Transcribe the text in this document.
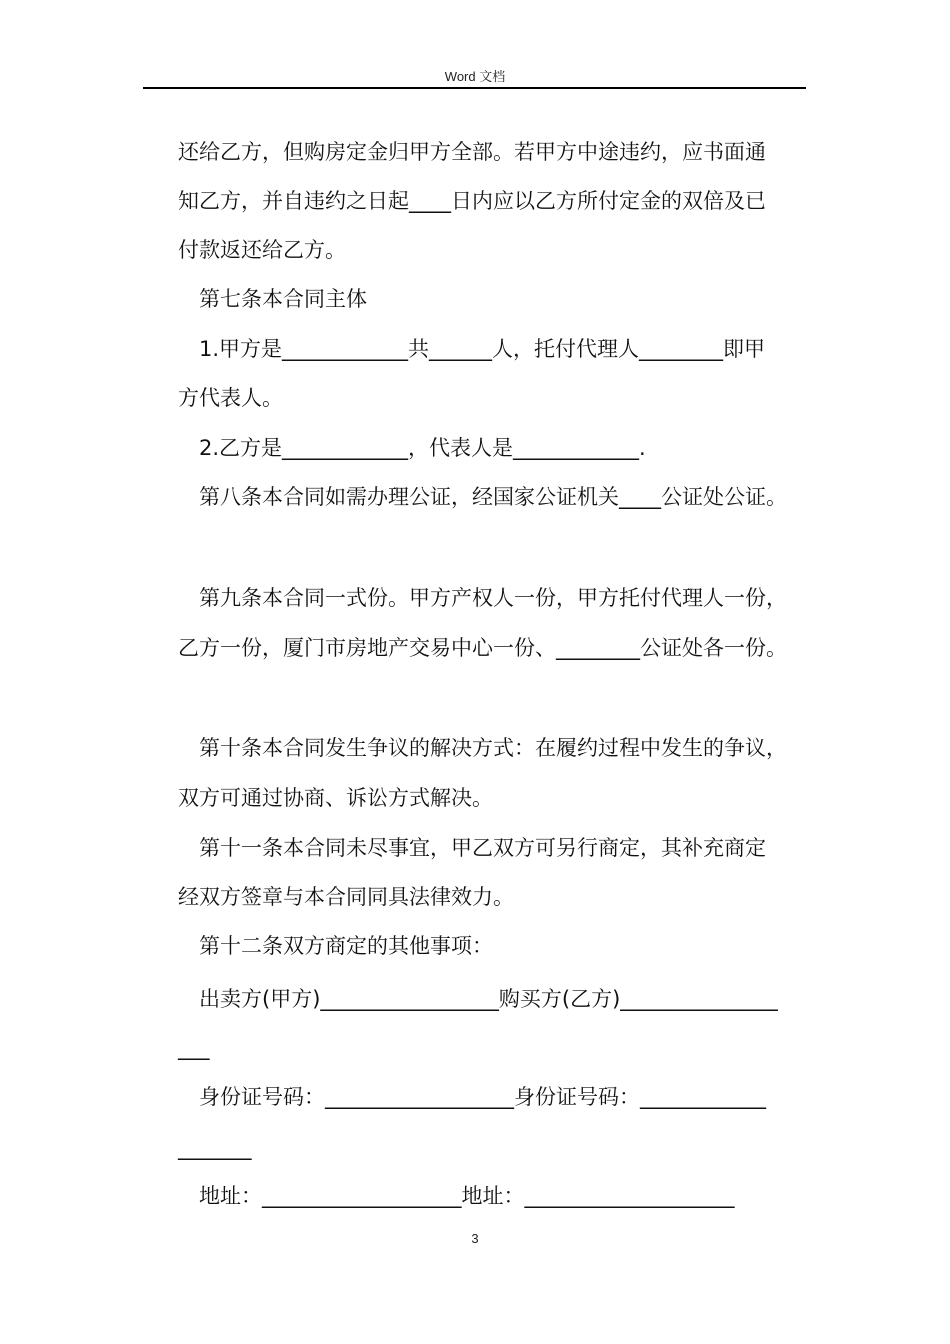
Word 文档
还给乙方，但购房定金归甲方全部。若甲方中途违约，应书面通
知乙方，并自违约之日起____日内应以乙方所付定金的双倍及已
付款返还给乙方。
第七条本合同主体
1.甲方是____________共______人，托付代理人________即甲
方代表人。
2.乙方是____________，代表人是____________.
第八条本合同如需办理公证，经国家公证机关____公证处公证。
第九条本合同一式份。甲方产权人一份，甲方托付代理人一份，
乙方一份，厦门市房地产交易中心一份、________公证处各一份。
第十条本合同发生争议的解决方式：在履约过程中发生的争议，
双方可通过协商、诉讼方式解决。
第十一条本合同未尽事宜，甲乙双方可另行商定，其补充商定
经双方签章与本合同同具法律效力。
第十二条双方商定的其他事项：
出卖方(甲方)_________________购买方(乙方)_______________
___
身份证号码：__________________身份证号码：____________
_______
地址：___________________地址：____________________
3
